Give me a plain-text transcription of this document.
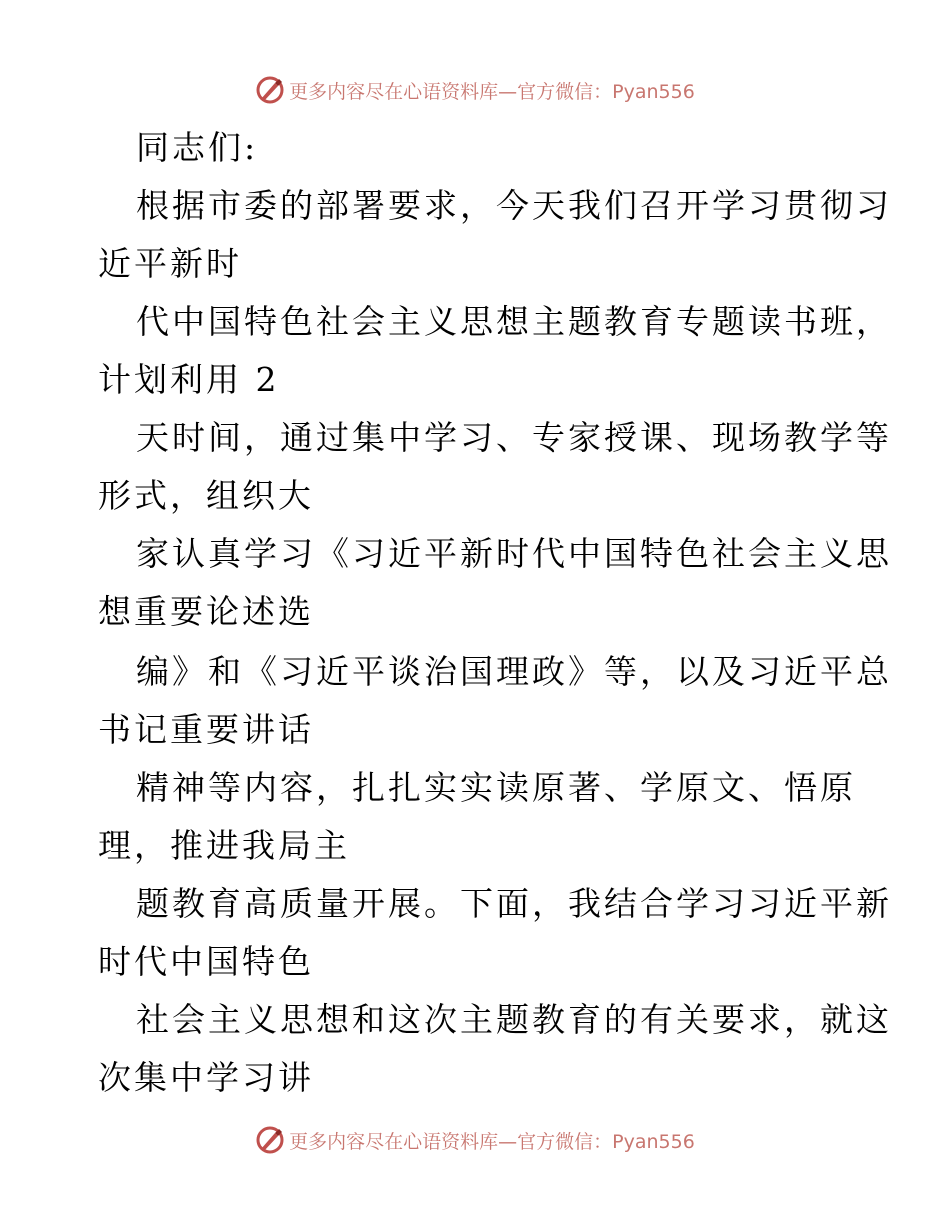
更多内容尽在心语资料库—官方微信：Pyan556
同志们:
根据市委的部署要求，今天我们召开学习贯彻习
近平新时
代中国特色社会主义思想主题教育专题读书班，
计划利用 2
天时间，通过集中学习、专家授课、现场教学等
形式，组织大
家认真学习《习近平新时代中国特色社会主义思
想重要论述选
编》和《习近平谈治国理政》等，以及习近平总
书记重要讲话
精神等内容，扎扎实实读原著、学原文、悟原
理，推进我局主
题教育高质量开展。下面，我结合学习习近平新
时代中国特色
社会主义思想和这次主题教育的有关要求，就这
次集中学习讲
更多内容尽在心语资料库—官方微信：Pyan556
